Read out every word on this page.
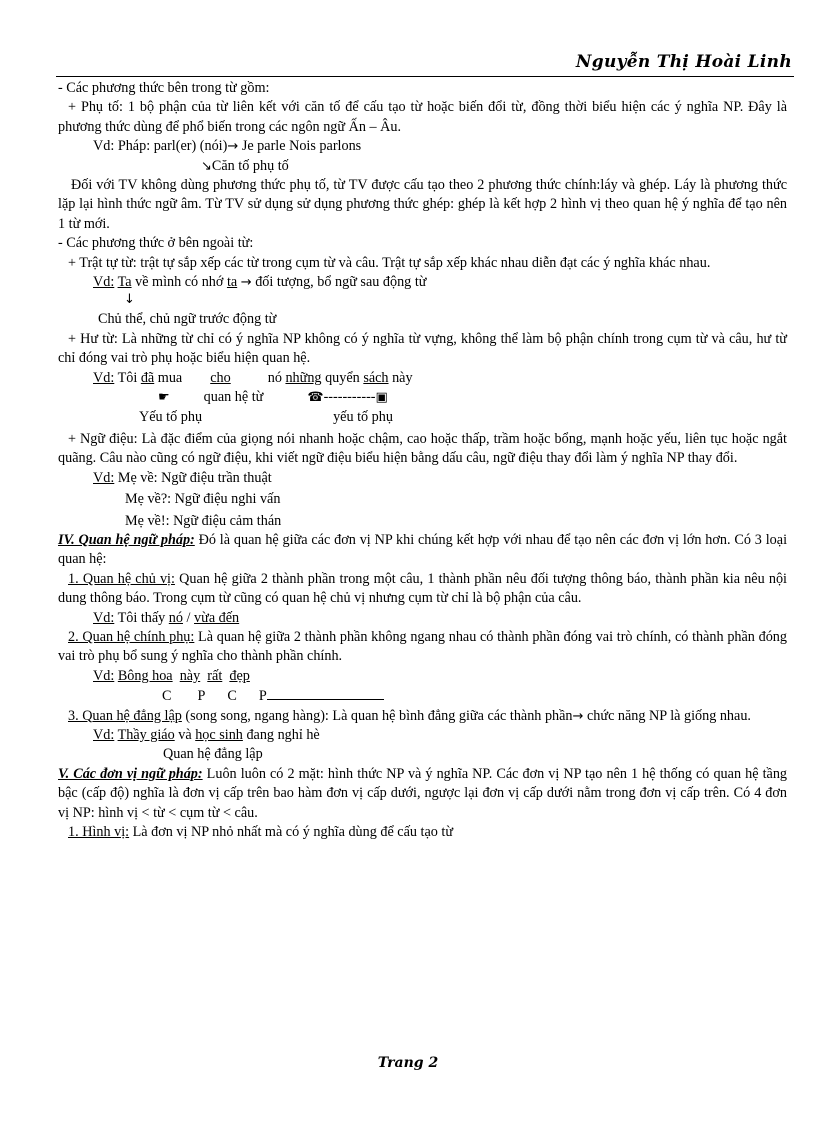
Nguyễn Thị Hoài Linh

- Các phương thức bên trong từ gồm:

+ Phụ tố: 1 bộ phận của từ liên kết với căn tố để cấu tạo từ hoặc biến đổi từ, đồng thời biểu hiện các ý nghĩa NP. Đây là phương thức dùng để phổ biến trong các ngôn ngữ Ấn – Âu.

Vd: Pháp: parl(er) (nói)→ Je parle Nois parlons

↘Căn tố phụ tố

Đối với TV không dùng phương thức phụ tố, từ TV được cấu tạo theo 2 phương thức chính:láy và ghép. Láy là phương thức lặp lại hình thức ngữ âm. Từ TV sử dụng sử dụng phương thức ghép: ghép là kết hợp 2 hình vị theo quan hệ ý nghĩa để tạo nên 1 từ mới.

- Các phương thức ở bên ngoài từ:

+ Trật tự từ: trật tự sắp xếp các từ trong cụm từ và câu. Trật tự sắp xếp khác nhau diễn đạt các ý nghĩa khác nhau.

Vd: Ta về mình có nhớ ta → đối tượng, bổ ngữ sau động từ

↓

Chủ thể, chủ ngữ trước động từ

+ Hư từ: Là những từ chỉ có ý nghĩa NP không có ý nghĩa từ vựng, không thể làm bộ phận chính trong cụm từ và câu, hư từ chỉ đóng vai trò phụ hoặc biểu hiện quan hệ.

Vd: Tôi đã mua cho	nó những quyển sách này

☛ quan hệ từ	☎-----------▣

Yếu tố phụ	yếu tố phụ

+ Ngữ điệu: Là đặc điểm của giọng nói nhanh hoặc chậm, cao hoặc thấp, trầm hoặc bổng, mạnh hoặc yếu, liên tục hoặc ngắt quãng. Câu nào cũng có ngữ điệu, khi viết ngữ điệu biểu hiện bằng dấu câu, ngữ điệu thay đổi làm ý nghĩa NP thay đổi.

Vd: Mẹ về: Ngữ điệu trần thuật

Mẹ về?: Ngữ điệu nghi vấn

Mẹ về!: Ngữ điệu cảm thán

IV. Quan hệ ngữ pháp: Đó là quan hệ giữa các đơn vị NP khi chúng kết hợp với nhau để tạo nên các đơn vị lớn hơn. Có 3 loại quan hệ:

1. Quan hệ chủ vị: Quan hệ giữa 2 thành phần trong một câu, 1 thành phần nêu đối tượng thông báo, thành phần kia nêu nội dung thông báo. Trong cụm từ cũng có quan hệ chủ vị nhưng cụm từ chỉ là bộ phận của câu.

Vd: Tôi thấy nó / vừa đến

2. Quan hệ chính phụ: Là quan hệ giữa 2 thành phần không ngang nhau có thành phần đóng vai trò chính, có thành phần đóng vai trò phụ bổ sung ý nghĩa cho thành phần chính.

Vd: Bông hoa này rất đẹp

C P C P

3. Quan hệ đẳng lập (song song, ngang hàng): Là quan hệ bình đẳng giữa các thành phần→ chức năng NP là giống nhau.

Vd: Thầy giáo và học sinh đang nghỉ hè

Quan hệ đẳng lập

V. Các đơn vị ngữ pháp: Luôn luôn có 2 mặt: hình thức NP và ý nghĩa NP. Các đơn vị NP tạo nên 1 hệ thống có quan hệ tầng bậc (cấp độ) nghĩa là đơn vị cấp trên bao hàm đơn vị cấp dưới, ngược lại đơn vị cấp dưới nằm trong đơn vị cấp trên. Có 4 đơn vị NP: hình vị < từ < cụm từ < câu.

1. Hình vị: Là đơn vị NP nhỏ nhất mà có ý nghĩa dùng để cấu tạo từ

Trang 2
